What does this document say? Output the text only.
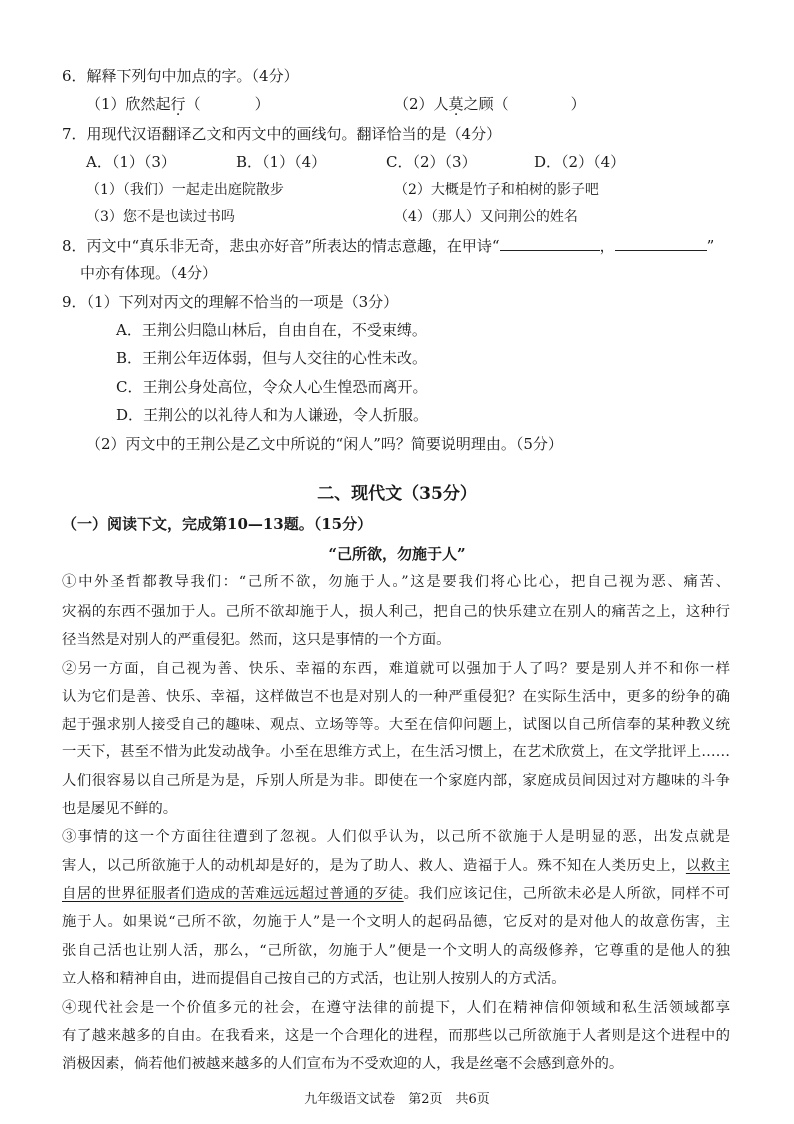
6．解释下列句中加点的字。（4分）
（1）欣然起行（	）	（2）人莫之顾（	）
7．用现代汉语翻译乙文和丙文中的画线句。翻译恰当的是（4分）
A．（1）（3）	B．（1）（4）	C．（2）（3）	D．（2）（4）
（1）（我们）一起走出庭院散步	（2）大概是竹子和柏树的影子吧
（3）您不是也读过书吗	（4）（那人）又问荆公的姓名
8．丙文中“真乐非无奇，悲虫亦好音”所表达的情志意趣，在甲诗“	，	”
中亦有体现。（4分）
9．（1）下列对丙文的理解不恰当的一项是（3分）
A．王荆公归隐山林后，自由自在，不受束缚。
B．王荆公年迈体弱，但与人交往的心性未改。
C．王荆公身处高位，令众人心生惶恐而离开。
D．王荆公的以礼待人和为人谦逊，令人折服。
（2）丙文中的王荆公是乙文中所说的“闲人”吗？简要说明理由。（5分）
二、现代文（35分）
（一）阅读下文，完成第10—13题。（15分）
“己所欲，勿施于人”
①中外圣哲都教导我们：“己所不欲，勿施于人。”这是要我们将心比心，把自己视为恶、痛苦、
灾祸的东西不强加于人。己所不欲却施于人，损人利己，把自己的快乐建立在别人的痛苦之上，这种行
径当然是对别人的严重侵犯。然而，这只是事情的一个方面。
②另一方面，自己视为善、快乐、幸福的东西，难道就可以强加于人了吗？要是别人并不和你一样
认为它们是善、快乐、幸福，这样做岂不也是对别人的一种严重侵犯？在实际生活中，更多的纷争的确
起于强求别人接受自己的趣味、观点、立场等等。大至在信仰问题上，试图以自己所信奉的某种教义统
一天下，甚至不惜为此发动战争。小至在思维方式上，在生活习惯上，在艺术欣赏上，在文学批评上……
人们很容易以自己所是为是，斥别人所是为非。即使在一个家庭内部，家庭成员间因过对方趣味的斗争
也是屡见不鲜的。
③事情的这一个方面往往遭到了忽视。人们似乎认为，以己所不欲施于人是明显的恶，出发点就是
害人，以己所欲施于人的动机却是好的，是为了助人、救人、造福于人。殊不知在人类历史上，以救主
自居的世界征服者们造成的苦难远远超过普通的歹徒。我们应该记住，己所欲未必是人所欲，同样不可
施于人。如果说“己所不欲，勿施于人”是一个文明人的起码品德，它反对的是对他人的故意伤害，主
张自己活也让别人活，那么，“己所欲，勿施于人”便是一个文明人的高级修养，它尊重的是他人的独
立人格和精神自由，进而提倡自己按自己的方式活，也让别人按别人的方式活。
④现代社会是一个价值多元的社会，在遵守法律的前提下，人们在精神信仰领域和私生活领域都享
有了越来越多的自由。在我看来，这是一个合理化的进程，而那些以己所欲施于人者则是这个进程中的
消极因素，倘若他们被越来越多的人们宣布为不受欢迎的人，我是丝毫不会感到意外的。
九年级语文试卷　第2页　共6页
